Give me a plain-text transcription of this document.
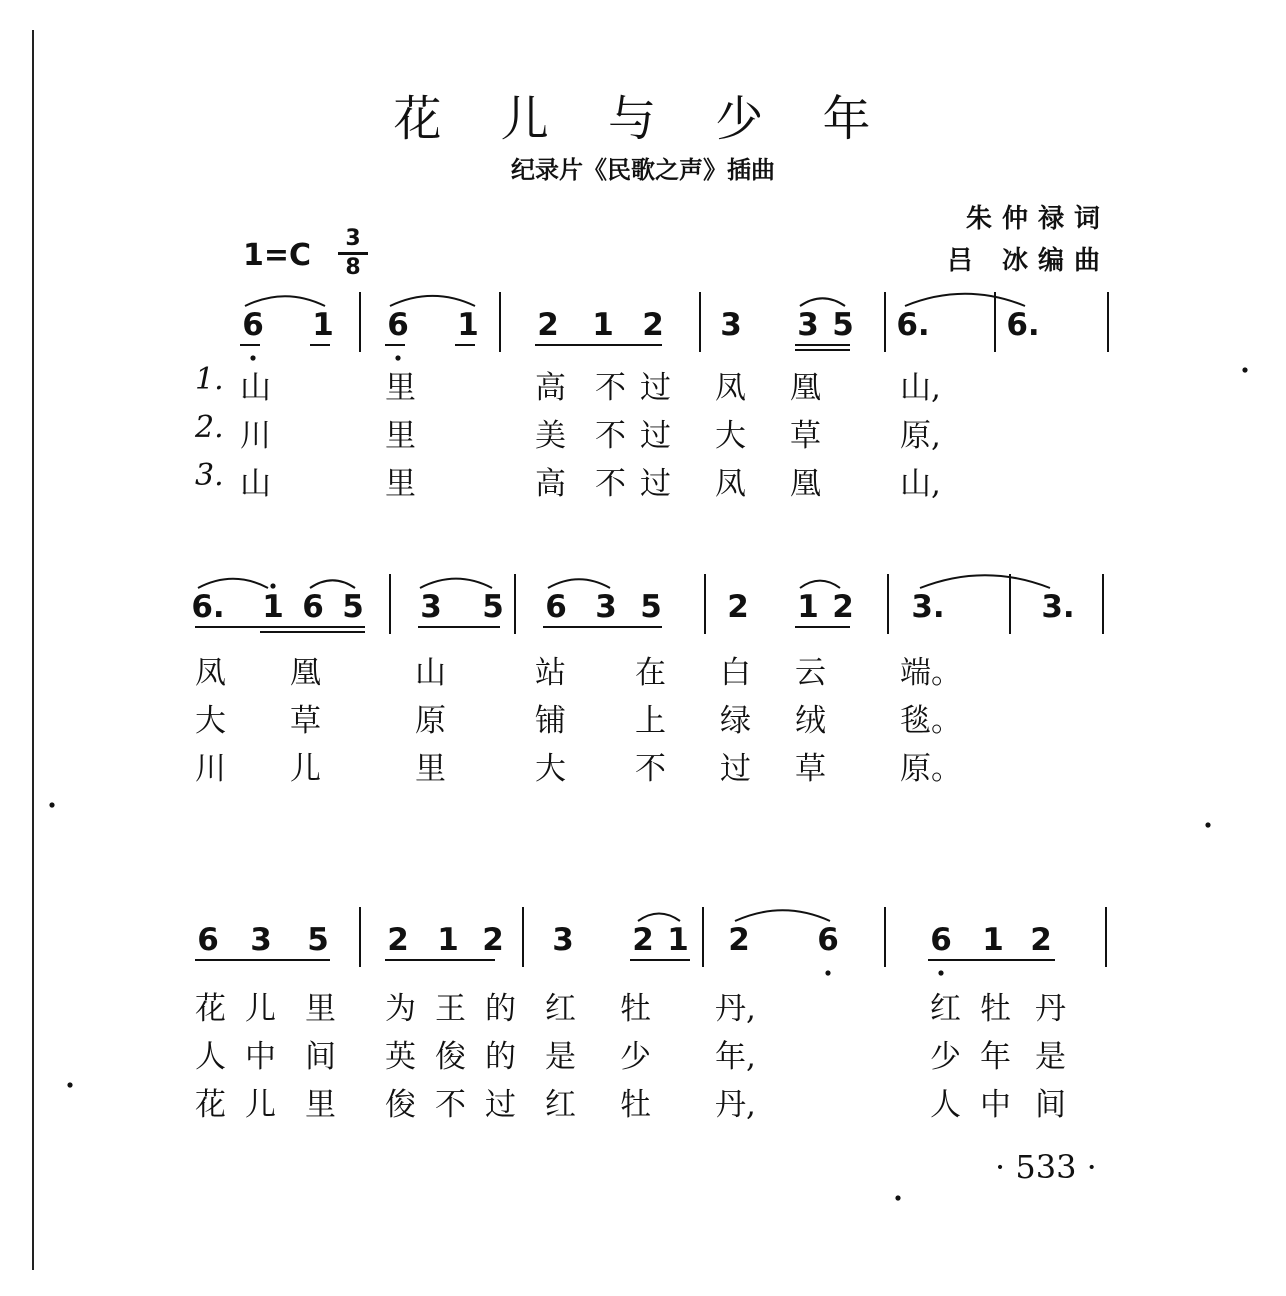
花 儿 与 少 年
纪录片《民歌之声》插曲
朱仲禄词
吕 冰编曲
1=C	3
8
6 1 6 1 2 1 2 3 3 5 6. 6.
1. 山	里	高 不 过 凤 凰	山,
2. 川	里	美 不 过 大 草	原,
3. 山	里	高 不 过 凤 凰	山,
6. 1 6 5 3 5 6 3 5 2 1 2 3.	3.
凤 凰	山	站 在 白 云 端。
大 草	原	铺 上 绿 绒 毯。
川 儿	里	大 不 过 草 原。
6 3 5 2 1 2 3 2 1 2 6	6 1 2
花 儿 里 为 王 的 红 牡 丹,	红 牡 丹
人 中 间 英 俊 的 是 少 年,	少 年 是
花 儿 里 俊 不 过 红 牡 丹,	人 中 间
· 533 ·
